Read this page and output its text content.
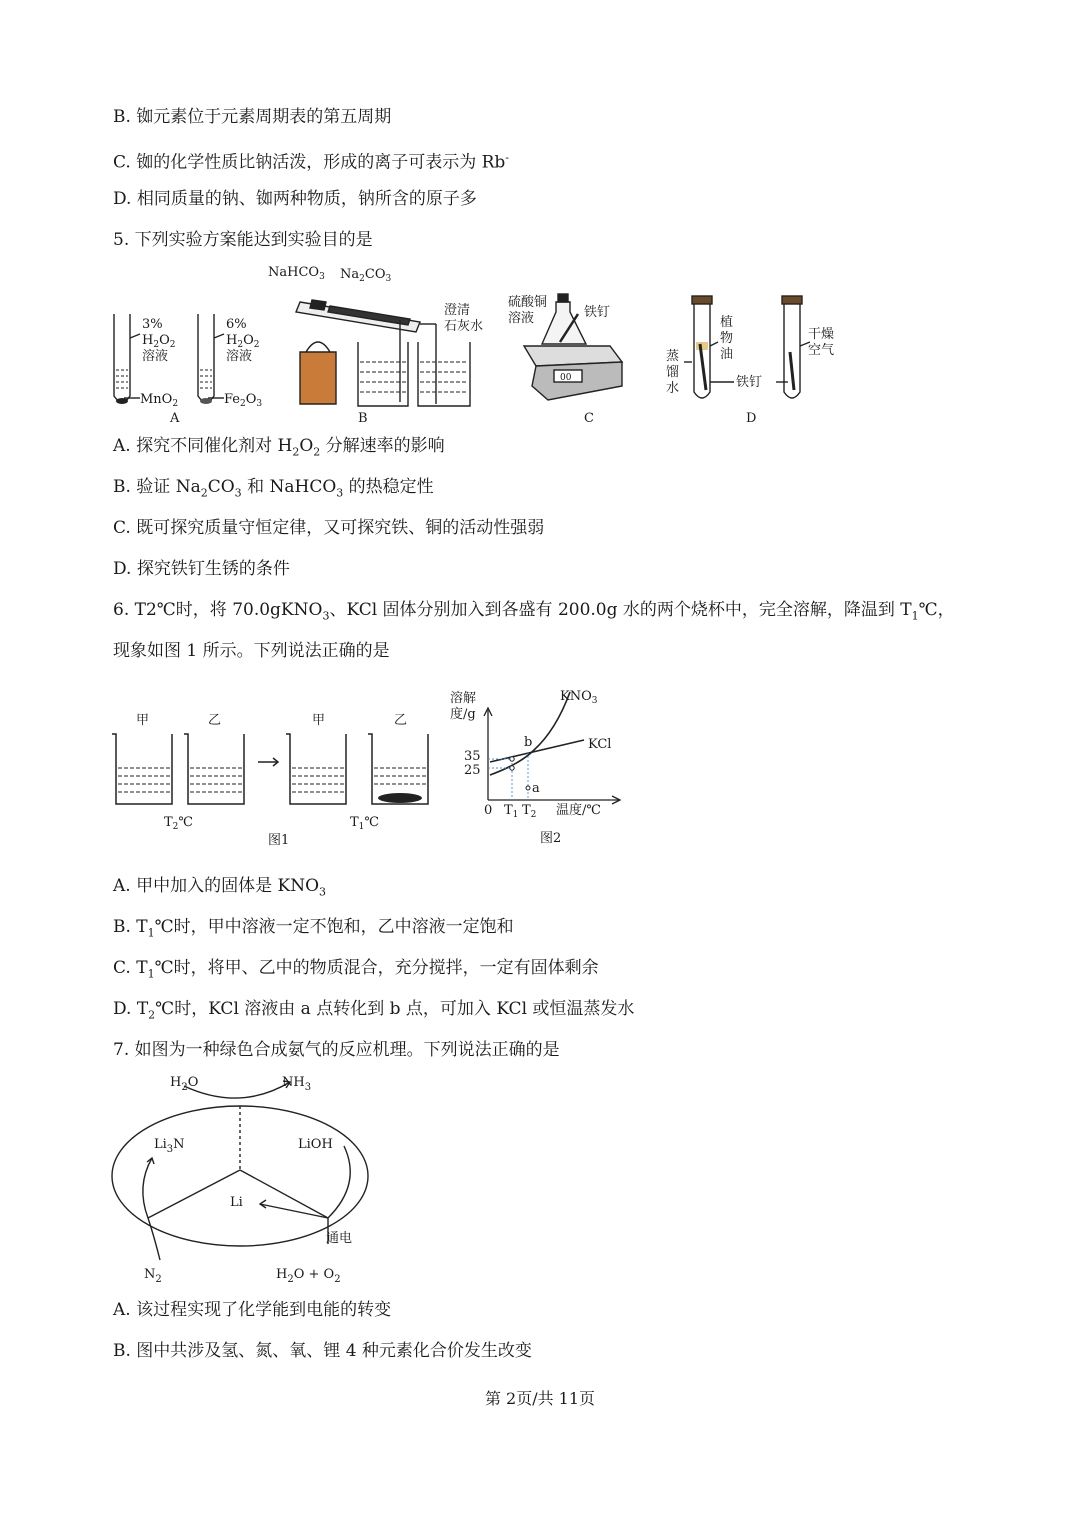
B. 铷元素位于元素周期表的第五周期
C. 铷的化学性质比钠活泼，形成的离子可表示为 Rb-
D. 相同质量的钠、铷两种物质，钠所含的原子多
5. 下列实验方案能达到实验目的是
3%
$H_2O_2$
溶液
MnO$_2$
6%
$H_2O_2$
溶液
$Fe_2O_3$
A
NaHCO$_3$ $Na_2CO_3$
澄清
石灰水
B
00
硫酸铜
溶液	铁钉
C
植
物
油
蒸
馏
水	铁钉
干燥
空气
D
A. 探究不同催化剂对 $H_2O_2$ 分解速率的影响
B. 验证 $Na_2CO_3$ 和 NaHCO$_3$ 的热稳定性
C. 既可探究质量守恒定律，又可探究铁、铜的活动性强弱
D. 探究铁钉生锈的条件
6. T2℃时，将 70.0gKNO$_3$、KCl 固体分别加入到各盛有 200.0g 水的两个烧杯中，完全溶解，降温到 $T_1℃$，
现象如图 1 所示。下列说法正确的是
甲	乙	甲	乙
$T_2℃$	$T_1℃$
图1
溶解
度/g
$KNO_3$
KCl
35
25
0 $T_1$ $T_2$ 温度/℃
a
b
图2
A. 甲中加入的固体是 $KNO_3$
B. $T_1℃$时，甲中溶液一定不饱和，乙中溶液一定饱和
C. $T_1℃$时，将甲、乙中的物质混合，充分搅拌，一定有固体剩余
D. $T_2℃$时，KCl 溶液由 a 点转化到 b 点，可加入 KCl 或恒温蒸发水
7. 如图为一种绿色合成氨气的反应机理。下列说法正确的是
$H_2O$	$NH_3$
$Li_3N$	LiOH
Li
$N_2$
通电
$H_2O + O_2$
A. 该过程实现了化学能到电能的转变
B. 图中共涉及氢、氮、氧、锂 4 种元素化合价发生改变
第 2页/共 11页
